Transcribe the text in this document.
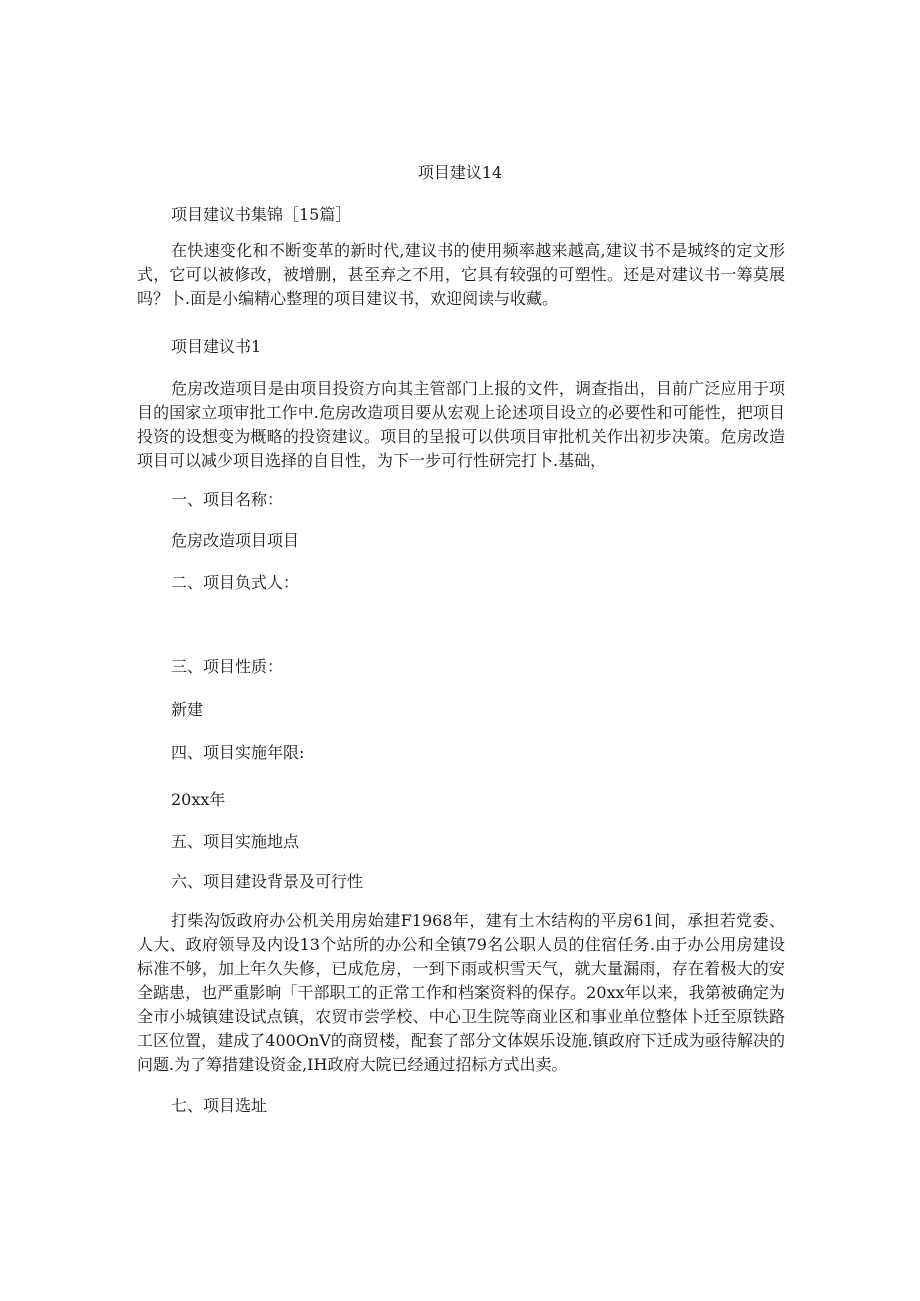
项目建议14

项目建议书集锦［15篇］

在快速变化和不断变革的新时代,建议书的使用频率越来越高,建议书不是城终的定文形式，它可以被修改，被增删，甚至弃之不用，它具有较强的可塑性。还是对建议书一筹莫展吗？卜.面是小编精心整理的项目建议书，欢迎阅读与收藏。

项目建议书1

危房改造项目是由项目投资方向其主管部门上报的文件，调查指出，目前广泛应用于项目的国家立项审批工作中.危房改造项目要从宏观上论述项目设立的必要性和可能性，把项目投资的设想变为概略的投资建议。项目的呈报可以供项目审批机关作出初步决策。危房改造项目可以减少项目选择的自目性，为下一步可行性研完打卜.基础，

一、项目名称：

危房改造项目项目

二、项目负式人：

三、项目性质：

新建

四、项目实施年限:

20xx年

五、项目实施地点

六、项目建设背景及可行性

打柴沟饭政府办公机关用房始建F1968年，建有土木结构的平房61间，承担若党委、人大、政府领导及内设13个站所的办公和全镇79名公职人员的住宿任务.由于办公用房建设标准不够，加上年久失修，已成危房，一到下雨或枳雪天气，就大量漏雨，存在着极大的安全踮患，也严重影晌「干部职工的正常工作和档案资料的保存。20xx年以来，我第被确定为全市小城镇建设试点镇，农贸市尝学校、中心卫生院等商业区和事业单位整体卜迁至原铁路工区位置，建成了400OnV的商贸楼，配套了部分文体娱乐设施.镇政府下迁成为亟待解决的问题.为了筹措建设资金,IH政府大院已经通过招标方式出卖。

七、项目选址
